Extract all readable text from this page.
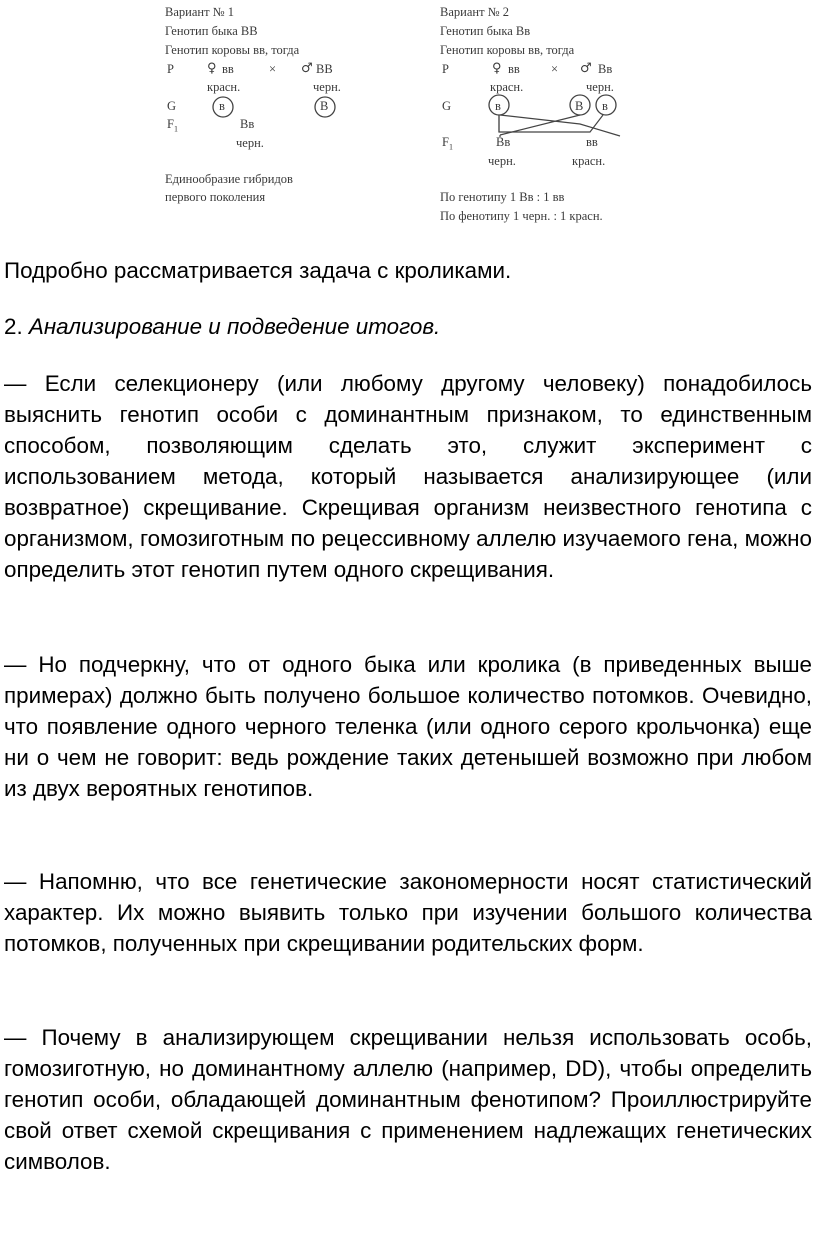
Вариант № 1
Генотип быка ВВ
Генотип коровы вв, тогда
P	♀ вв	× ♂ ВВ
красн.	черн.
G	в	В
$F_1$	Вв
черн.
Единообразие гибридов
первого поколения
Вариант № 2
Генотип быка Вв
Генотип коровы вв, тогда
P	♀ вв × ♂ Вв
красн.	черн.
G	в	В в
$F_1$	Вв	вв
черн.	красн.
По генотипу 1 Вв : 1 вв
По фенотипу 1 черн. : 1 красн.

Подробно рассматривается задача с кроликами.

2. Анализирование и подведение итогов.

— Если селекционеру (или любому другому человеку) понадобилось выяснить генотип особи с доминантным признаком, то единственным способом, позволяющим сделать это, служит эксперимент с использованием метода, который называется анализирующее (или возвратное) скрещивание. Скрещивая организм неизвестного генотипа с организмом, гомозиготным по рецессивному аллелю изучаемого гена, можно определить этот генотип путем одного скрещивания.

— Но подчеркну, что от одного быка или кролика (в приведенных выше примерах) должно быть получено большое количество потомков. Очевидно, что появление одного черного теленка (или одного серого крольчонка) еще ни о чем не говорит: ведь рождение таких детенышей возможно при любом из двух вероятных генотипов.

— Напомню, что все генетические закономерности носят статистический характер. Их можно выявить только при изучении большого количества потомков, полученных при скрещивании родительских форм.

— Почему в анализирующем скрещивании нельзя использовать особь, гомозиготную, но доминантному аллелю (например, DD), чтобы определить генотип особи, обладающей доминантным фенотипом? Проиллюстрируйте свой ответ схемой скрещивания с применением надлежащих генетических символов.
